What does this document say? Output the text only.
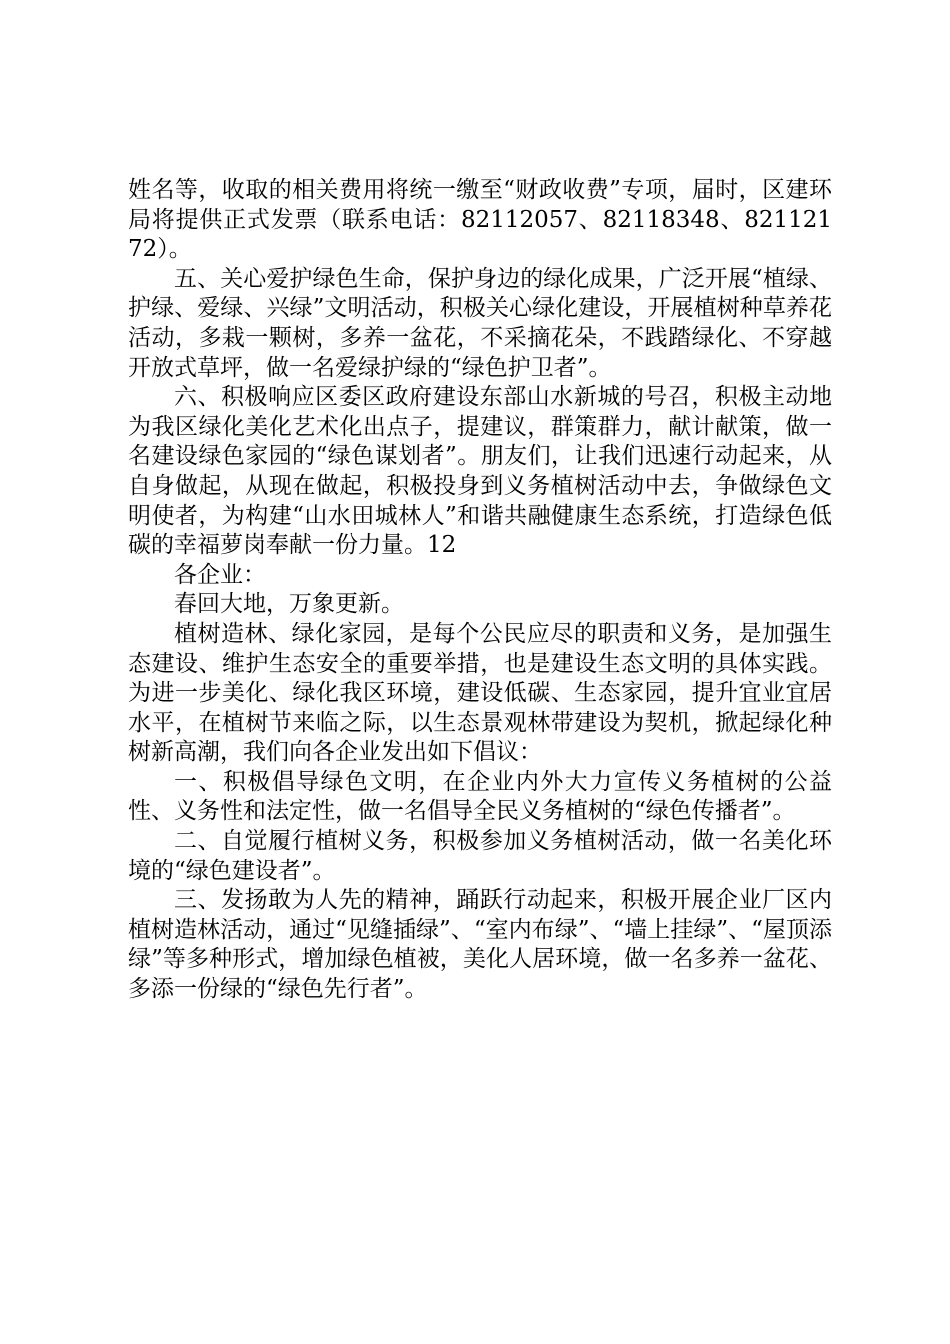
姓名等，收取的相关费用将统一缴至“财政收费”专项，届时，区建环局将提供正式发票（联系电话：82112057、82118348、82112172）。

五、关心爱护绿色生命，保护身边的绿化成果，广泛开展“植绿、护绿、爱绿、兴绿”文明活动，积极关心绿化建设，开展植树种草养花活动，多栽一颗树，多养一盆花，不采摘花朵，不践踏绿化、不穿越开放式草坪，做一名爱绿护绿的“绿色护卫者”。

六、积极响应区委区政府建设东部山水新城的号召，积极主动地为我区绿化美化艺术化出点子，提建议，群策群力，献计献策，做一名建设绿色家园的“绿色谋划者”。朋友们，让我们迅速行动起来，从自身做起，从现在做起，积极投身到义务植树活动中去，争做绿色文明使者，为构建“山水田城林人”和谐共融健康生态系统，打造绿色低碳的幸福萝岗奉献一份力量。12

各企业：

春回大地，万象更新。

植树造林、绿化家园，是每个公民应尽的职责和义务，是加强生态建设、维护生态安全的重要举措，也是建设生态文明的具体实践。为进一步美化、绿化我区环境，建设低碳、生态家园，提升宜业宜居水平，在植树节来临之际，以生态景观林带建设为契机，掀起绿化种树新高潮，我们向各企业发出如下倡议：

一、积极倡导绿色文明，在企业内外大力宣传义务植树的公益性、义务性和法定性，做一名倡导全民义务植树的“绿色传播者”。

二、自觉履行植树义务，积极参加义务植树活动，做一名美化环境的“绿色建设者”。

三、发扬敢为人先的精神，踊跃行动起来，积极开展企业厂区内植树造林活动，通过“见缝插绿”、“室内布绿”、“墙上挂绿”、“屋顶添绿”等多种形式，增加绿色植被，美化人居环境，做一名多养一盆花、多添一份绿的“绿色先行者”。
